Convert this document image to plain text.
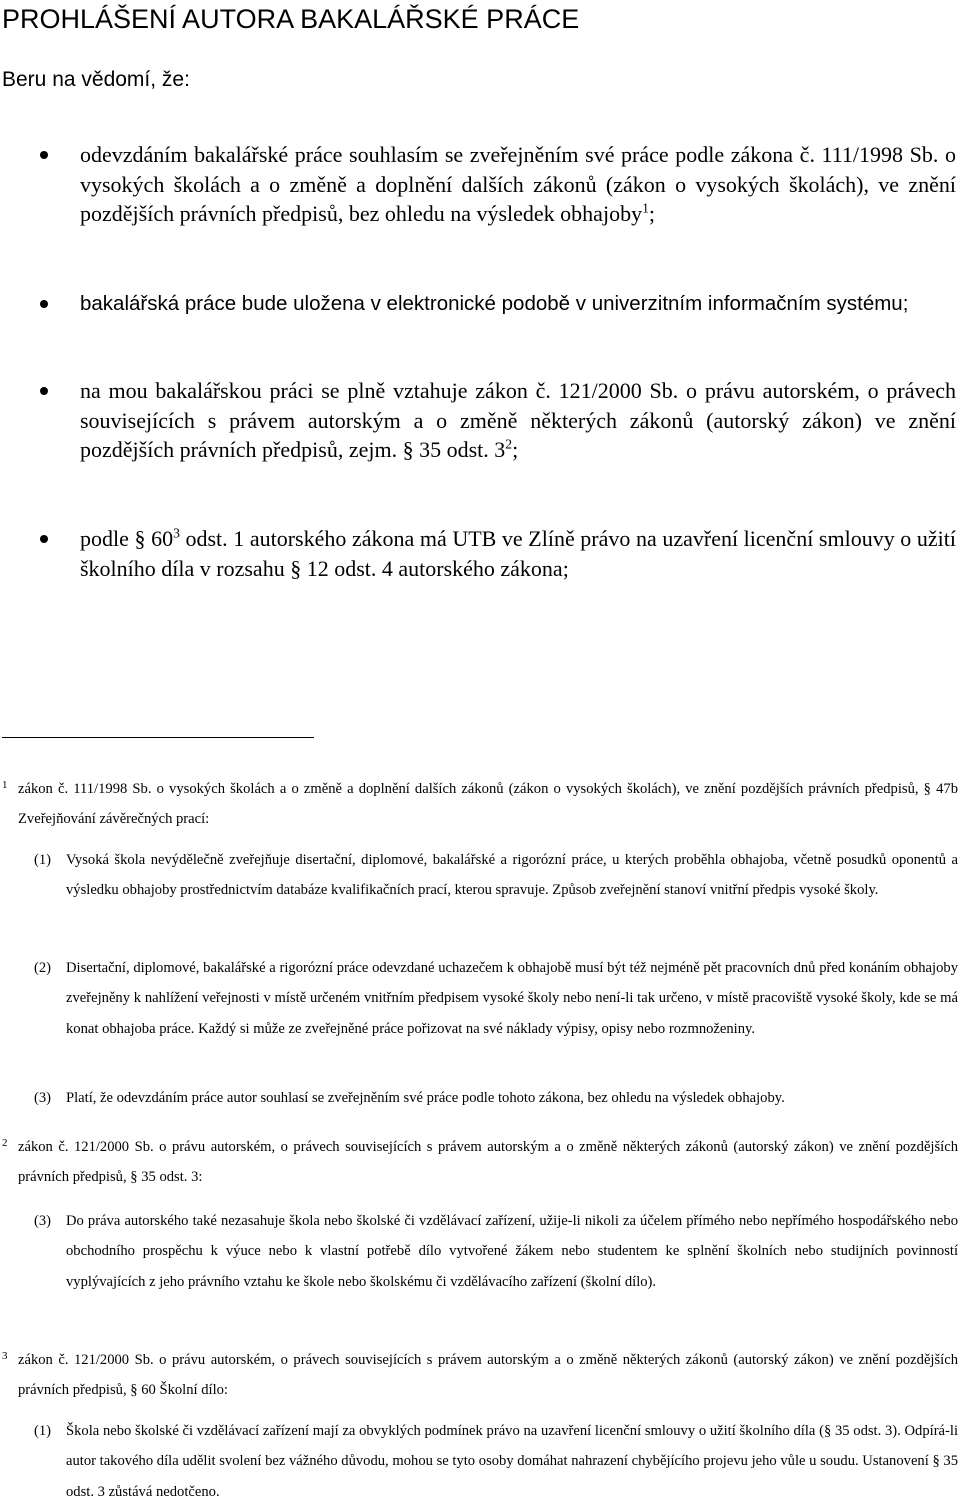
PROHLÁŠENÍ AUTORA BAKALÁŘSKÉ PRÁCE

Beru na vědomí, že:

odevzdáním bakalářské práce souhlasím se zveřejněním své práce podle zákona č. 111/1998 Sb. o vysokých školách a o změně a doplnění dalších zákonů (zákon o vysokých školách), ve znění pozdějších právních předpisů, bez ohledu na výsledek obhajoby$^1$;
bakalářská práce bude uložena v elektronické podobě v univerzitním informačním systému;
na mou bakalářskou práci se plně vztahuje zákon č. 121/2000 Sb. o právu autorském, o právech souvisejících s právem autorským a o změně některých zákonů (autorský zákon) ve znění pozdějších právních předpisů, zejm. § 35 odst. $3^2$;
podle § $60^3$ odst. 1 autorského zákona má UTB ve Zlíně právo na uzavření licenční smlouvy o užití školního díla v rozsahu § 12 odst. 4 autorského zákona;
1 zákon č. 111/1998 Sb. o vysokých školách a o změně a doplnění dalších zákonů (zákon o vysokých školách), ve znění pozdějších právních předpisů, § 47b Zveřejňování závěrečných prací:
(1) Vysoká škola nevýdělečně zveřejňuje disertační, diplomové, bakalářské a rigorózní práce, u kterých proběhla obhajoba, včetně posudků oponentů a výsledku obhajoby prostřednictvím databáze kvalifikačních prací, kterou spravuje. Způsob zveřejnění stanoví vnitřní předpis vysoké školy.
(2) Disertační, diplomové, bakalářské a rigorózní práce odevzdané uchazečem k obhajobě musí být též nejméně pět pracovních dnů před konáním obhajoby zveřejněny k nahlížení veřejnosti v místě určeném vnitřním předpisem vysoké školy nebo není-li tak určeno, v místě pracoviště vysoké školy, kde se má konat obhajoba práce. Každý si může ze zveřejněné práce pořizovat na své náklady výpisy, opisy nebo rozmnoženiny.
(3) Platí, že odevzdáním práce autor souhlasí se zveřejněním své práce podle tohoto zákona, bez ohledu na výsledek obhajoby.
2 zákon č. 121/2000 Sb. o právu autorském, o právech souvisejících s právem autorským a o změně některých zákonů (autorský zákon) ve znění pozdějších právních předpisů, § 35 odst. 3:
(3) Do práva autorského také nezasahuje škola nebo školské či vzdělávací zařízení, užije-li nikoli za účelem přímého nebo nepřímého hospodářského nebo obchodního prospěchu k výuce nebo k vlastní potřebě dílo vytvořené žákem nebo studentem ke splnění školních nebo studijních povinností vyplývajících z jeho právního vztahu ke škole nebo školskému či vzdělávacího zařízení (školní dílo).
3 zákon č. 121/2000 Sb. o právu autorském, o právech souvisejících s právem autorským a o změně některých zákonů (autorský zákon) ve znění pozdějších právních předpisů, § 60 Školní dílo:
(1) Škola nebo školské či vzdělávací zařízení mají za obvyklých podmínek právo na uzavření licenční smlouvy o užití školního díla (§ 35 odst. 3). Odpírá-li autor takového díla udělit svolení bez vážného důvodu, mohou se tyto osoby domáhat nahrazení chybějícího projevu jeho vůle u soudu. Ustanovení § 35 odst. 3 zůstává nedotčeno.
